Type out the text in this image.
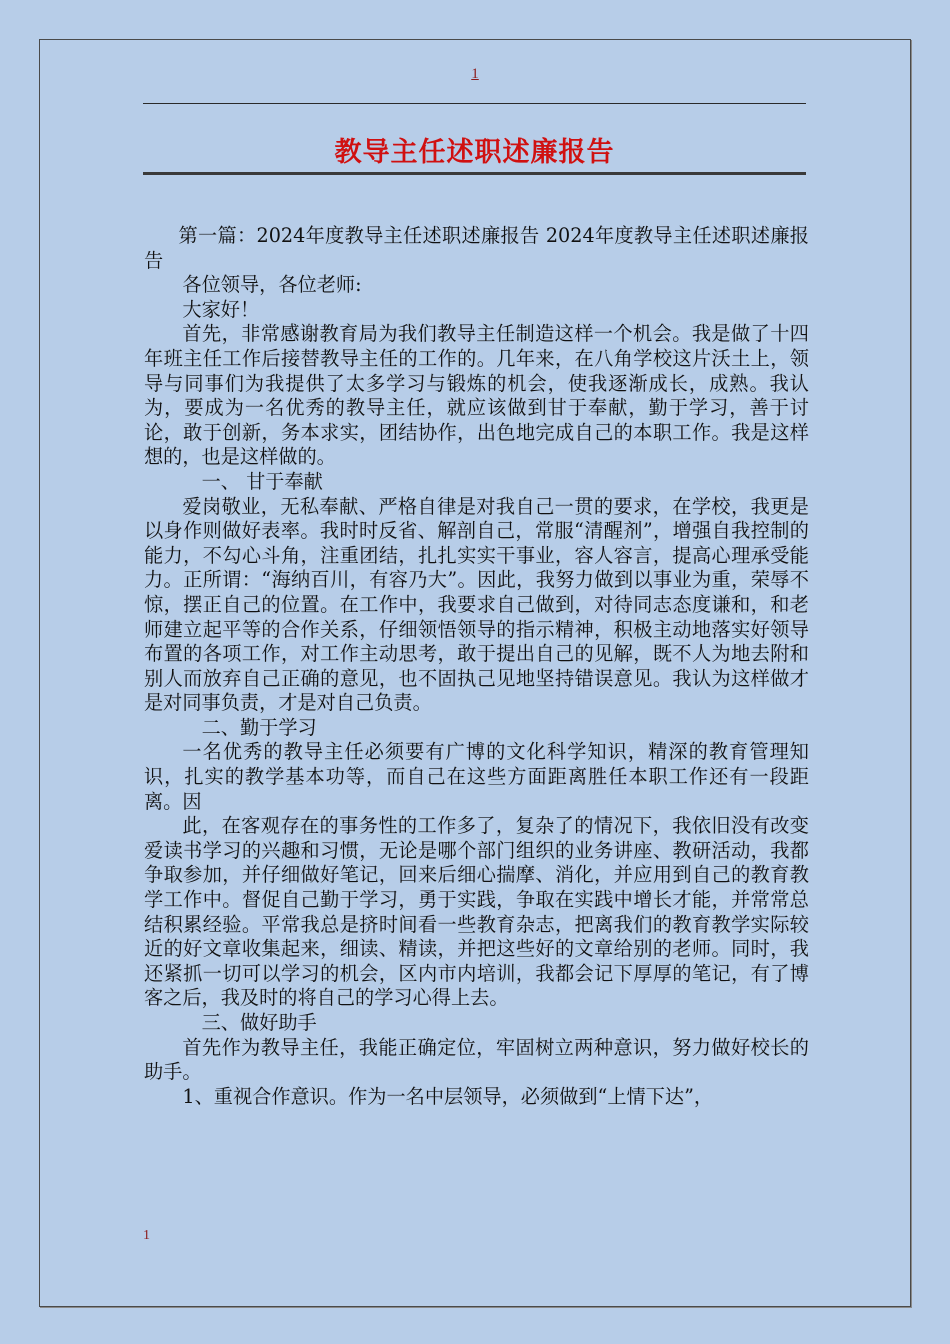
1
教导主任述职述廉报告

第一篇：2024年度教导主任述职述廉报告 2024年度教导主任述职述廉报告

各位领导，各位老师:

大家好！

首先，非常感谢教育局为我们教导主任制造这样一个机会。我是做了十四年班主任工作后接替教导主任的工作的。几年来，在八角学校这片沃土上，领导与同事们为我提供了太多学习与锻炼的机会，使我逐渐成长，成熟。我认为，要成为一名优秀的教导主任，就应该做到甘于奉献，勤于学习，善于讨论，敢于创新，务本求实，团结协作，出色地完成自己的本职工作。我是这样想的，也是这样做的。

一、 甘于奉献

爱岗敬业，无私奉献、严格自律是对我自己一贯的要求，在学校，我更是以身作则做好表率。我时时反省、解剖自己，常服“清醒剂”，增强自我控制的能力，不勾心斗角，注重团结，扎扎实实干事业，容人容言，提高心理承受能力。正所谓：“海纳百川，有容乃大”。因此，我努力做到以事业为重，荣辱不惊，摆正自己的位置。在工作中，我要求自己做到，对待同志态度谦和，和老师建立起平等的合作关系，仔细领悟领导的指示精神，积极主动地落实好领导布置的各项工作，对工作主动思考，敢于提出自己的见解，既不人为地去附和别人而放弃自己正确的意见，也不固执己见地坚持错误意见。我认为这样做才是对同事负责，才是对自己负责。

二、勤于学习

一名优秀的教导主任必须要有广博的文化科学知识，精深的教育管理知识，扎实的教学基本功等，而自己在这些方面距离胜任本职工作还有一段距离。因

此，在客观存在的事务性的工作多了，复杂了的情况下，我依旧没有改变爱读书学习的兴趣和习惯，无论是哪个部门组织的业务讲座、教研活动，我都争取参加，并仔细做好笔记，回来后细心揣摩、消化，并应用到自己的教育教学工作中。督促自己勤于学习，勇于实践，争取在实践中增长才能，并常常总结积累经验。平常我总是挤时间看一些教育杂志，把离我们的教育教学实际较近的好文章收集起来，细读、精读，并把这些好的文章给别的老师。同时，我还紧抓一切可以学习的机会，区内市内培训，我都会记下厚厚的笔记，有了博客之后，我及时的将自己的学习心得上去。

三、做好助手

首先作为教导主任，我能正确定位，牢固树立两种意识，努力做好校长的助手。

1、重视合作意识。作为一名中层领导，必须做到“上情下达”，

1
